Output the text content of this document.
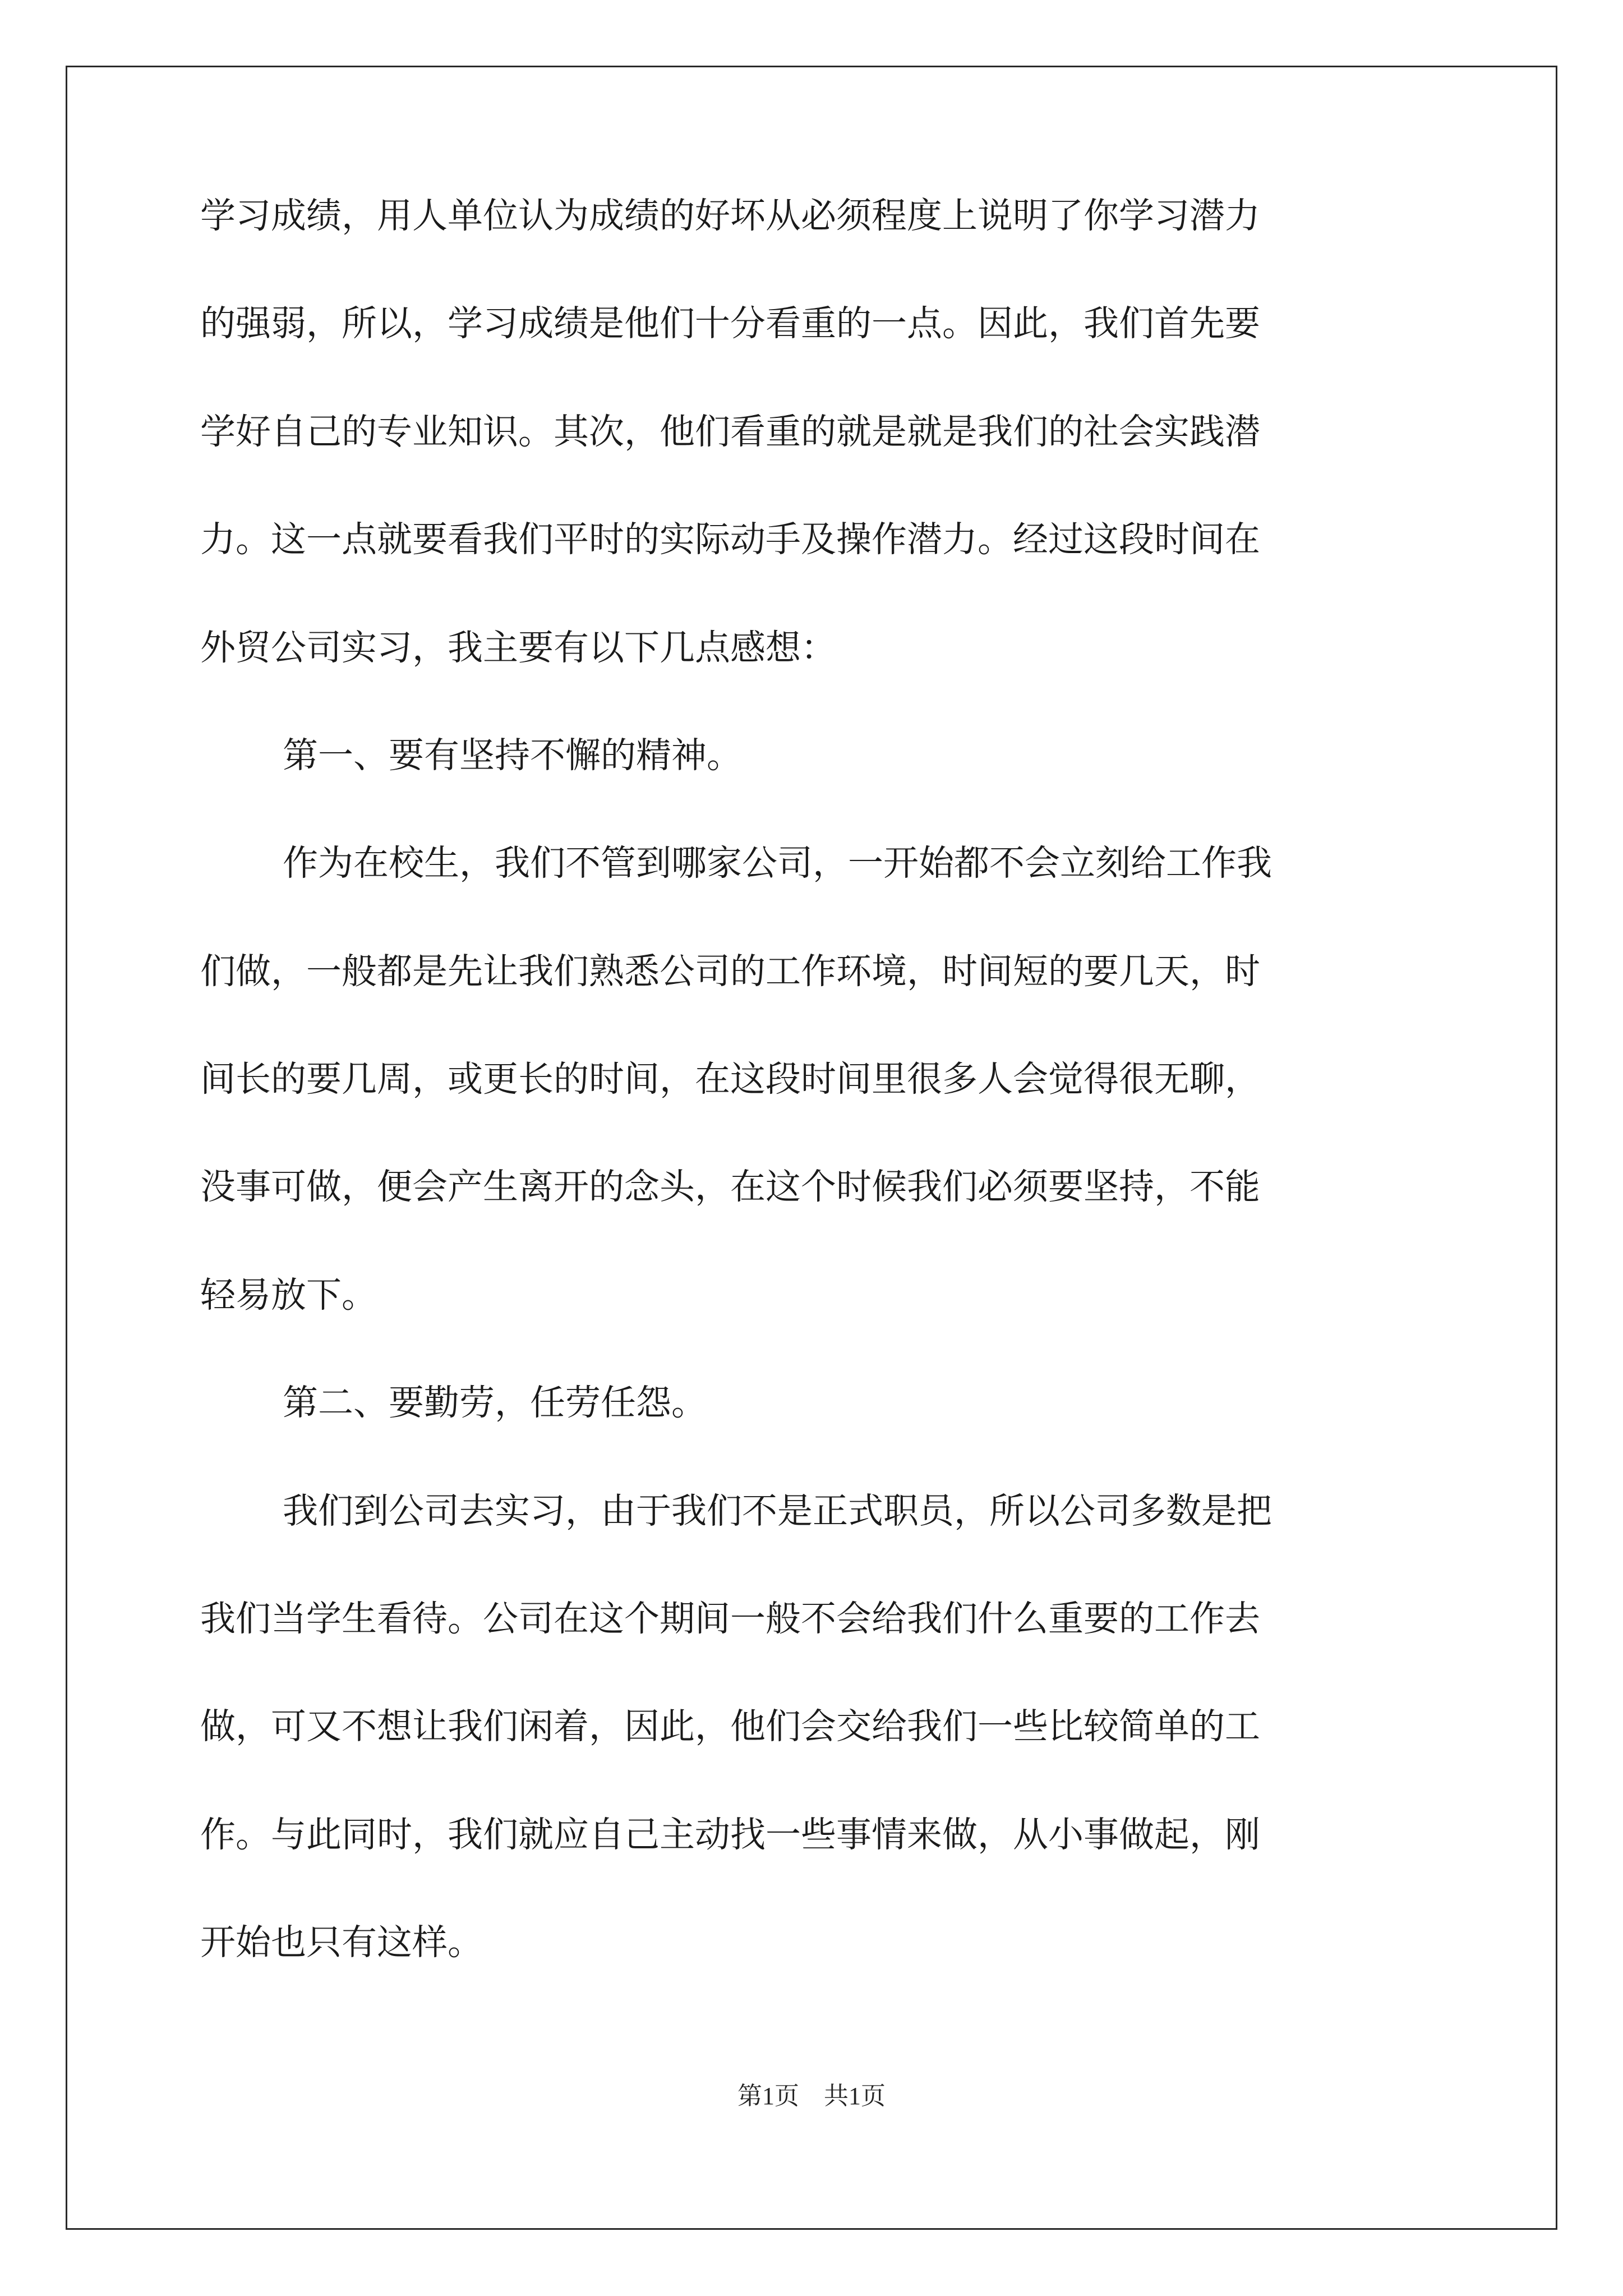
学习成绩，用人单位认为成绩的好坏从必须程度上说明了你学习潜力
的强弱，所以，学习成绩是他们十分看重的一点。因此，我们首先要
学好自己的专业知识。其次，他们看重的就是就是我们的社会实践潜
力。这一点就要看我们平时的实际动手及操作潜力。经过这段时间在
外贸公司实习，我主要有以下几点感想：
第一、要有坚持不懈的精神。
作为在校生，我们不管到哪家公司，一开始都不会立刻给工作我
们做，一般都是先让我们熟悉公司的工作环境，时间短的要几天，时
间长的要几周，或更长的时间，在这段时间里很多人会觉得很无聊，
没事可做，便会产生离开的念头，在这个时候我们必须要坚持，不能
轻易放下。
第二、要勤劳，任劳任怨。
我们到公司去实习，由于我们不是正式职员，所以公司多数是把
我们当学生看待。公司在这个期间一般不会给我们什么重要的工作去
做，可又不想让我们闲着，因此，他们会交给我们一些比较简单的工
作。与此同时，我们就应自己主动找一些事情来做，从小事做起，刚
开始也只有这样。
第1页　共1页
